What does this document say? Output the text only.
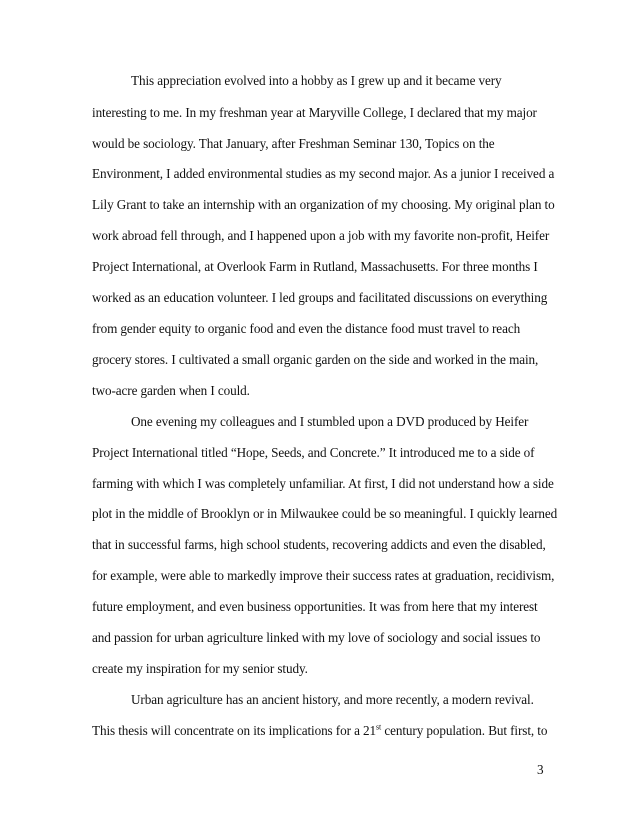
This appreciation evolved into a hobby as I grew up and it became very
interesting to me. In my freshman year at Maryville College, I declared that my major
would be sociology. That January, after Freshman Seminar 130, Topics on the
Environment, I added environmental studies as my second major. As a junior I received a
Lily Grant to take an internship with an organization of my choosing. My original plan to
work abroad fell through, and I happened upon a job with my favorite non-profit, Heifer
Project International, at Overlook Farm in Rutland, Massachusetts. For three months I
worked as an education volunteer. I led groups and facilitated discussions on everything
from gender equity to organic food and even the distance food must travel to reach
grocery stores. I cultivated a small organic garden on the side and worked in the main,
two-acre garden when I could.
One evening my colleagues and I stumbled upon a DVD produced by Heifer
Project International titled “Hope, Seeds, and Concrete.” It introduced me to a side of
farming with which I was completely unfamiliar. At first, I did not understand how a side
plot in the middle of Brooklyn or in Milwaukee could be so meaningful. I quickly learned
that in successful farms, high school students, recovering addicts and even the disabled,
for example, were able to markedly improve their success rates at graduation, recidivism,
future employment, and even business opportunities. It was from here that my interest
and passion for urban agriculture linked with my love of sociology and social issues to
create my inspiration for my senior study.
Urban agriculture has an ancient history, and more recently, a modern revival.
This thesis will concentrate on its implications for a 21st century population. But first, to
3
